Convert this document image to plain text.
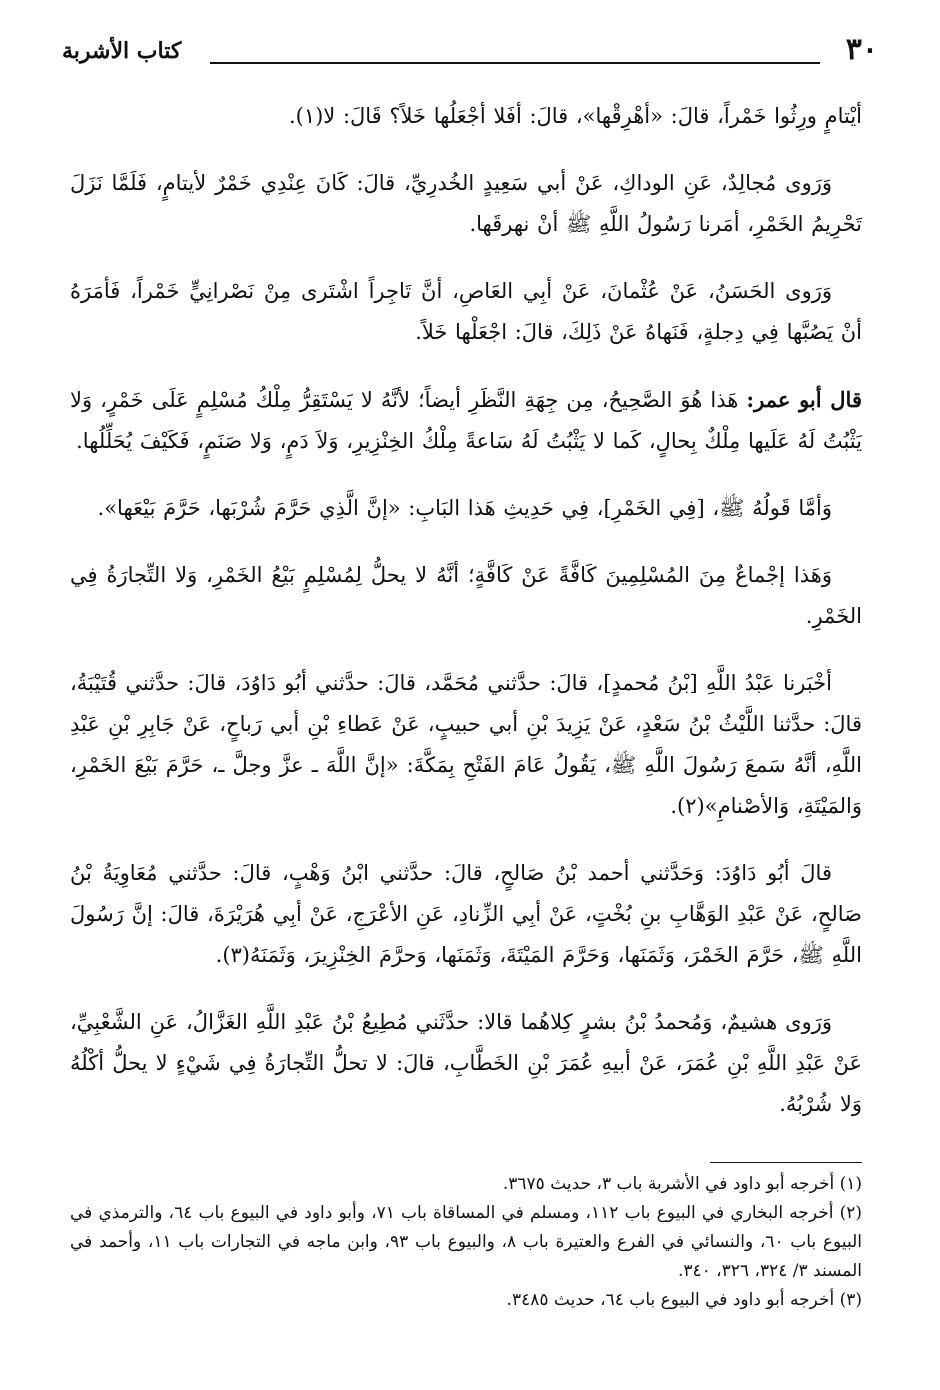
٣٠
كتاب الأشربة

أيْتامٍ ورِثُوا خَمْراً، قالَ: «أهْرِقْها»، قالَ: أفَلا أجْعَلُها خَلاً؟ قَالَ: لا(١).

وَرَوى مُجالِدٌ، عَنِ الوداكِ، عَنْ أبي سَعِيدٍ الخُدرِيِّ، قالَ: كَانَ عِنْدِي خَمْرٌ لأيتامٍ، فَلَمَّا نَزَلَ تَحْرِيمُ الخَمْرِ، أمَرنا رَسُولُ اللَّهِ ﷺ أنْ نهرقَها.

وَرَوى الحَسَنُ، عَنْ عُثْمانَ، عَنْ أبِي العَاصِ، أنَّ تَاجِراً اشْتَرى مِنْ نَصْرانِيٍّ خَمْراً، فَأمَرَهُ أنْ يَصُبَّها فِي دِجلةٍ، فَنَهاهُ عَنْ ذَلِكَ، قالَ: اجْعَلْها خَلاً.

قال أبو عمر: هَذا هُوَ الصَّحِيحُ، مِن جِهَةِ النَّظَرِ أيضاً؛ لأنَّهُ لا يَسْتَقِرُّ مِلْكُ مُسْلِمٍ عَلَى خَمْرٍ، وَلا يَثْبُتُ لَهُ عَلَيها مِلْكٌ بِحالٍ، كَما لا يَثْبُتُ لَهُ سَاعةً مِلْكُ الخِنْزِيرِ، وَلاَ دَمٍ، وَلا صَنَمٍ، فَكَيْفَ يُحَلِّلُها.

وَأمَّا قَولُهُ ﷺ، [فِي الخَمْرِ]، فِي حَدِيثِ هَذا البَابِ: «إنَّ الَّذِي حَرَّمَ شُرْبَها، حَرَّمَ بَيْعَها».

وَهَذا إجْماعٌ مِنَ المُسْلِمِينَ كَافَّةً عَنْ كَافَّةٍ؛ أنَّهُ لا يحلُّ لِمُسْلِمٍ بَيْعُ الخَمْرِ، وَلا التِّجارَةُ فِي الخَمْرِ.

أخْبَرنا عَبْدُ اللَّهِ [بْنُ مُحمدٍ]، قالَ: حدَّثني مُحَمَّد، قالَ: حدَّثني أبُو دَاوُدَ، قالَ: حدَّثني قُتَيْبَةُ، قالَ: حدَّثنا اللَّيْثُ بْنُ سَعْدٍ، عَنْ يَزِيدَ بْنِ أبي حبيبٍ، عَنْ عَطاءِ بْنِ أبي رَباحٍ، عَنْ جَابِرِ بْنِ عَبْدِ اللَّهِ، أنَّهُ سَمعَ رَسُولَ اللَّهِ ﷺ، يَقُولُ عَامَ الفَتْحِ بِمَكَّةَ: «إنَّ اللَّهَ ـ عزَّ وجلَّ ـ، حَرَّمَ بَيْعَ الخَمْرِ، وَالمَيْتَةِ، وَالأصْنامِ»(٢).

قالَ أبُو دَاوُدَ: وَحَدَّثني أحمد بْنُ صَالحٍ، قالَ: حدَّثني ابْنُ وَهْبٍ، قالَ: حدَّثني مُعَاوِيَةُ بْنُ صَالحٍ، عَنْ عَبْدِ الوَهَّابِ بنِ بُخْتٍ، عَنْ أبِي الزِّنادِ، عَنِ الأعْرَجِ، عَنْ أبِي هُرَيْرَةَ، قالَ: إنَّ رَسُولَ اللَّهِ ﷺ، حَرَّمَ الخَمْرَ، وَثَمَنَها، وَحَرَّمَ المَيْتَةَ، وَثَمَنَها، وَحرَّمَ الخِنْزِيرَ، وَثَمَنَهُ(٣).

وَرَوى هشيمٌ، وَمُحمدُ بْنُ بشرٍ كِلاهُما قالا: حدَّثَني مُطِيعُ بْنُ عَبْدِ اللَّهِ الغَزَّالُ، عَنِ الشَّعْبِيِّ، عَنْ عَبْدِ اللَّهِ بْنِ عُمَرَ، عَنْ أبيهِ عُمَرَ بْنِ الخَطَّابِ، قالَ: لا تحلُّ التِّجارَةُ فِي شَيْءٍ لا يحلُّ أكْلُهُ وَلا شُرْبُهُ.

(١) أخرجه أبو داود في الأشربة باب ٣، حديث ٣٦٧٥.

(٢) أخرجه البخاري في البيوع باب ١١٢، ومسلم في المساقاة باب ٧١، وأبو داود في البيوع باب ٦٤، والترمذي في البيوع باب ٦٠، والنسائي في الفرع والعتيرة باب ٨، والبيوع باب ٩٣، وابن ماجه في التجارات باب ١١، وأحمد في المسند ٣/ ٣٢٤، ٣٢٦، ٣٤٠.

(٣) أخرجه أبو داود في البيوع باب ٦٤، حديث ٣٤٨٥.
